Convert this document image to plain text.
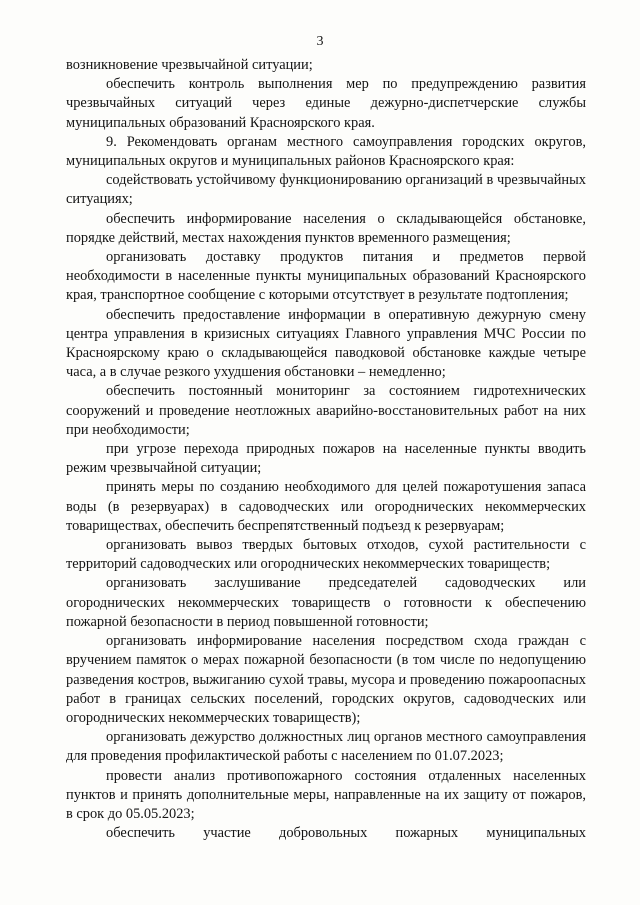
3

возникновение чрезвычайной ситуации;

обеспечить контроль выполнения мер по предупреждению развития чрезвычайных ситуаций через единые дежурно-диспетчерские службы муниципальных образований Красноярского края.

9. Рекомендовать органам местного самоуправления городских округов, муниципальных округов и муниципальных районов Красноярского края:

содействовать устойчивому функционированию организаций в чрезвычайных ситуациях;

обеспечить информирование населения о складывающейся обстановке, порядке действий, местах нахождения пунктов временного размещения;

организовать доставку продуктов питания и предметов первой необходимости в населенные пункты муниципальных образований Красноярского края, транспортное сообщение с которыми отсутствует в результате подтопления;

обеспечить предоставление информации в оперативную дежурную смену центра управления в кризисных ситуациях Главного управления МЧС России по Красноярскому краю о складывающейся паводковой обстановке каждые четыре часа, а в случае резкого ухудшения обстановки – немедленно;

обеспечить постоянный мониторинг за состоянием гидротехнических сооружений и проведение неотложных аварийно-восстановительных работ на них при необходимости;

при угрозе перехода природных пожаров на населенные пункты вводить режим чрезвычайной ситуации;

принять меры по созданию необходимого для целей пожаротушения запаса воды (в резервуарах) в садоводческих или огороднических некоммерческих товариществах, обеспечить беспрепятственный подъезд к резервуарам;

организовать вывоз твердых бытовых отходов, сухой растительности с территорий садоводческих или огороднических некоммерческих товариществ;

организовать заслушивание председателей садоводческих или огороднических некоммерческих товариществ о готовности к обеспечению пожарной безопасности в период повышенной готовности;

организовать информирование населения посредством схода граждан с вручением памяток о мерах пожарной безопасности (в том числе по недопущению разведения костров, выжиганию сухой травы, мусора и проведению пожароопасных работ в границах сельских поселений, городских округов, садоводческих или огороднических некоммерческих товариществ);

организовать дежурство должностных лиц органов местного самоуправления для проведения профилактической работы с населением по 01.07.2023;

провести анализ противопожарного состояния отдаленных населенных пунктов и принять дополнительные меры, направленные на их защиту от пожаров, в срок до 05.05.2023;

обеспечить участие добровольных пожарных муниципальных
